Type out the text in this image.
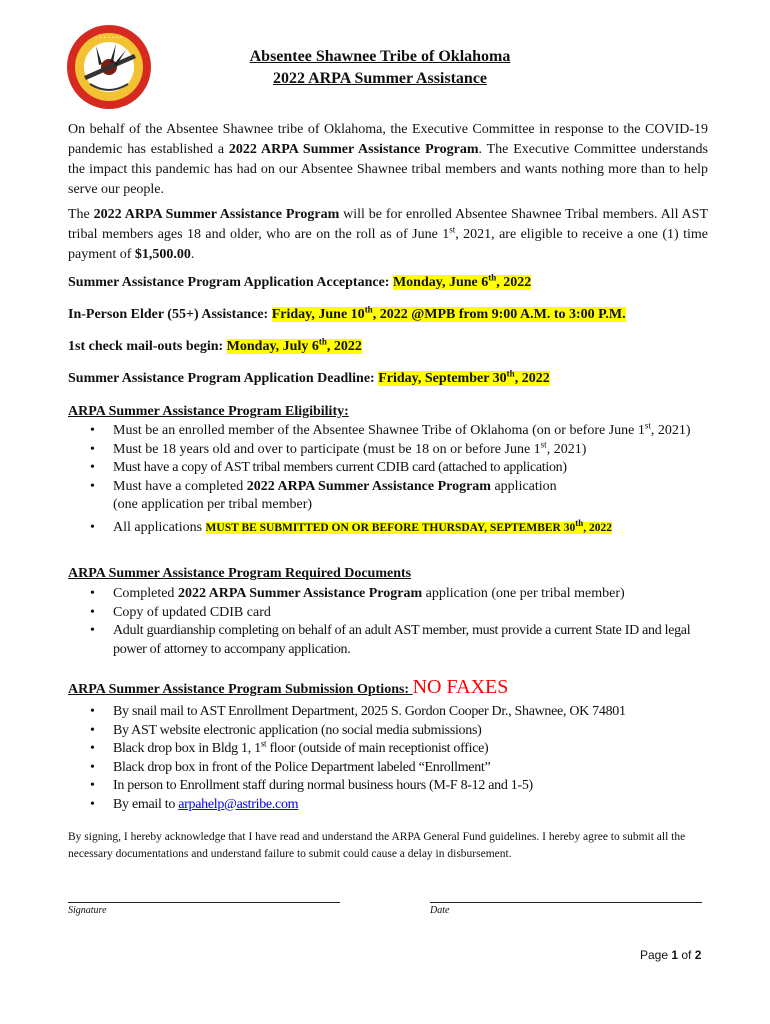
· · · · · · ·
Absentee Shawnee Tribe of Oklahoma
2022 ARPA Summer Assistance
On behalf of the Absentee Shawnee tribe of Oklahoma, the Executive Committee in response to the COVID-19 pandemic has established a 2022 ARPA Summer Assistance Program. The Executive Committee understands the impact this pandemic has had on our Absentee Shawnee tribal members and wants nothing more than to help serve our people.
The 2022 ARPA Summer Assistance Program will be for enrolled Absentee Shawnee Tribal members. All AST tribal members ages 18 and older, who are on the roll as of June 1st, 2021, are eligible to receive a one (1) time payment of $1,500.00.
Summer Assistance Program Application Acceptance: Monday, June 6th, 2022
In-Person Elder (55+) Assistance: Friday, June 10th, 2022 @MPB from 9:00 A.M. to 3:00 P.M.
1st check mail-outs begin: Monday, July 6th, 2022
Summer Assistance Program Application Deadline: Friday, September 30th, 2022
ARPA Summer Assistance Program Eligibility:
• Must be an enrolled member of the Absentee Shawnee Tribe of Oklahoma (on or before June 1st, 2021)
• Must be 18 years old and over to participate (must be 18 on or before June 1st, 2021)
• Must have a copy of AST tribal members current CDIB card (attached to application)
• Must have a completed 2022 ARPA Summer Assistance Program application
(one application per tribal member)
• All applications MUST BE SUBMITTED ON OR BEFORE THURSDAY, SEPTEMBER 30th, 2022
ARPA Summer Assistance Program Required Documents
• Completed 2022 ARPA Summer Assistance Program application (one per tribal member)
• Copy of updated CDIB card
• Adult guardianship completing on behalf of an adult AST member, must provide a current State ID and legal power of attorney to accompany application.
ARPA Summer Assistance Program Submission Options: NO FAXES
• By snail mail to AST Enrollment Department, 2025 S. Gordon Cooper Dr., Shawnee, OK 74801
• By AST website electronic application (no social media submissions)
• Black drop box in Bldg 1, 1st floor (outside of main receptionist office)
• Black drop box in front of the Police Department labeled “Enrollment”
• In person to Enrollment staff during normal business hours (M-F 8-12 and 1-5)
• By email to arpahelp@astribe.com
By signing, I hereby acknowledge that I have read and understand the ARPA General Fund guidelines. I hereby agree to submit all the necessary documentations and understand failure to submit could cause a delay in disbursement.
Signature	Date
Page 1 of 2
